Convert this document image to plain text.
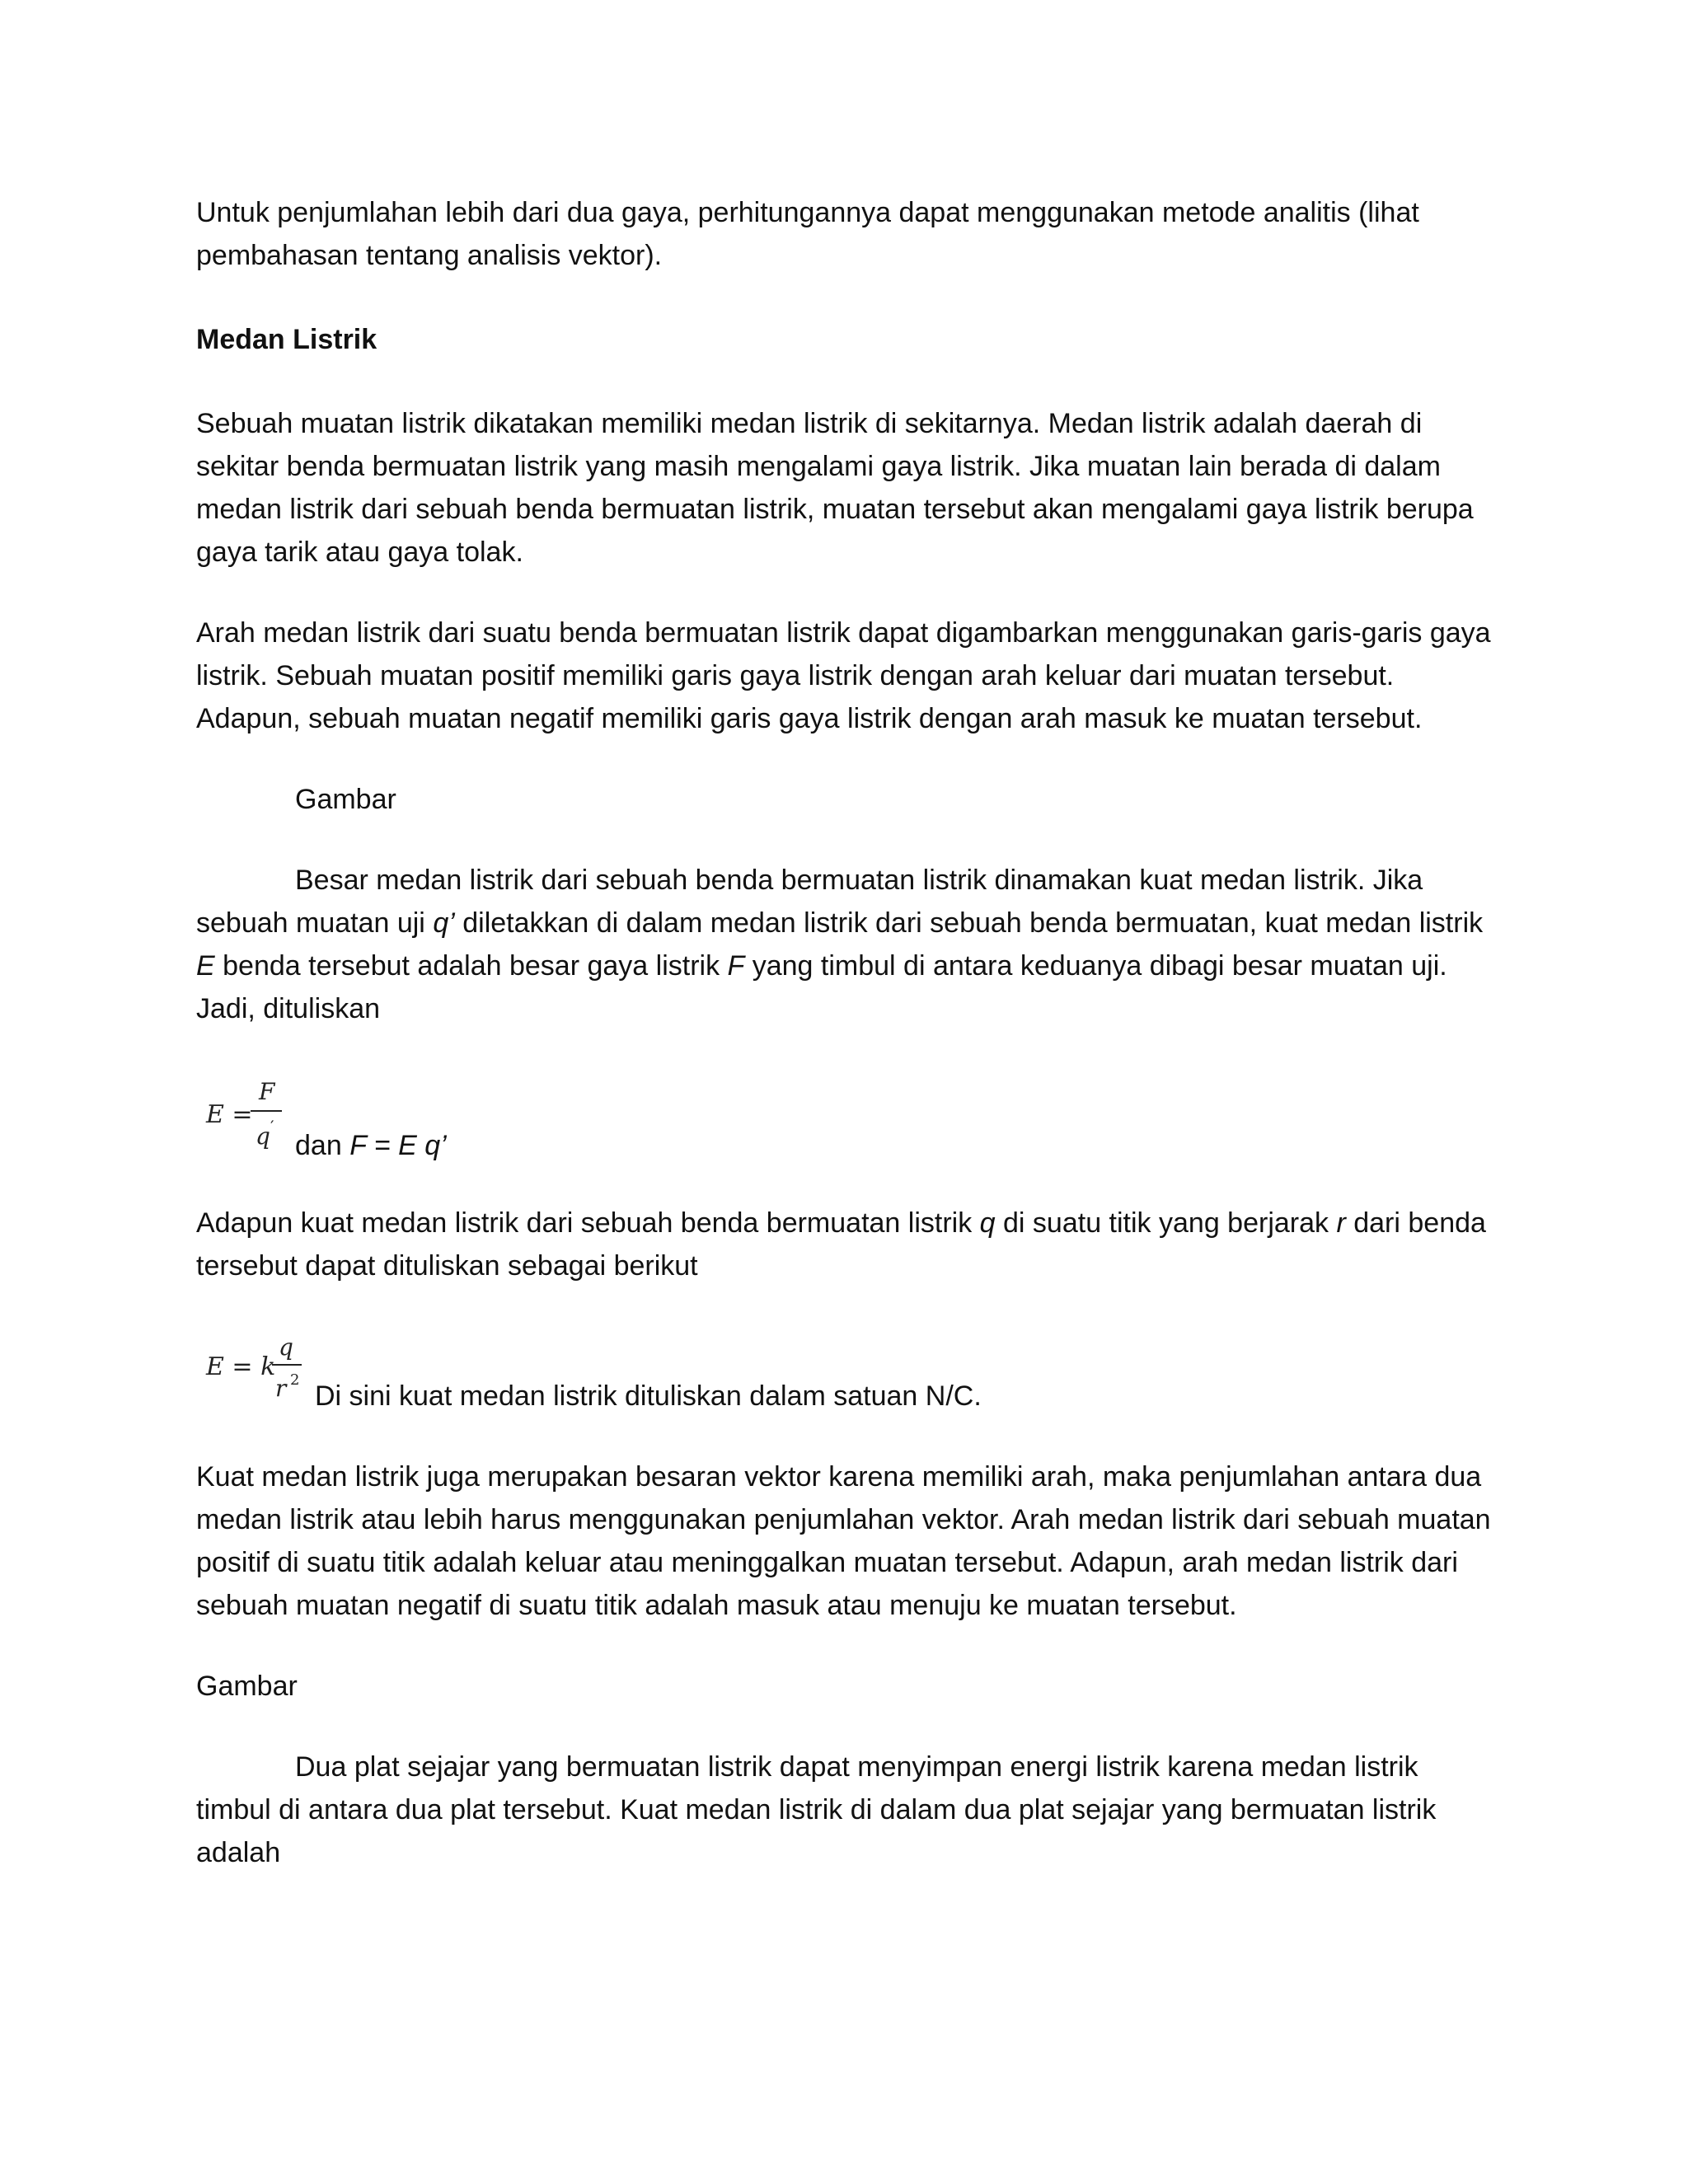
Untuk penjumlahan lebih dari dua gaya, perhitungannya dapat menggunakan metode analitis (lihat pembahasan tentang analisis vektor).

Medan Listrik

Sebuah muatan listrik dikatakan memiliki medan listrik di sekitarnya. Medan listrik adalah daerah di sekitar benda bermuatan listrik yang masih mengalami gaya listrik. Jika muatan lain berada di dalam medan listrik dari sebuah benda bermuatan listrik, muatan tersebut akan mengalami gaya listrik berupa gaya tarik atau gaya tolak.

Arah medan listrik dari suatu benda bermuatan listrik dapat digambarkan menggunakan garis-garis gaya listrik. Sebuah muatan positif memiliki garis gaya listrik dengan arah keluar dari muatan tersebut. Adapun, sebuah muatan negatif memiliki garis gaya listrik dengan arah masuk ke muatan tersebut.

Gambar

Besar medan listrik dari sebuah benda bermuatan listrik dinamakan kuat medan listrik. Jika sebuah muatan uji q’ diletakkan di dalam medan listrik dari sebuah benda bermuatan, kuat medan listrik E benda tersebut adalah besar gaya listrik F yang timbul di antara keduanya dibagi besar muatan uji. Jadi, dituliskan

E =
F
q ′

dan F = E q’

Adapun kuat medan listrik dari sebuah benda bermuatan listrik q di suatu titik yang berjarak r dari benda tersebut dapat dituliskan sebagai berikut

E = k
q
r 2

Di sini kuat medan listrik dituliskan dalam satuan N/C.

Kuat medan listrik juga merupakan besaran vektor karena memiliki arah, maka penjumlahan antara dua medan listrik atau lebih harus menggunakan penjumlahan vektor. Arah medan listrik dari sebuah muatan positif di suatu titik adalah keluar atau meninggalkan muatan tersebut. Adapun, arah medan listrik dari sebuah muatan negatif di suatu titik adalah masuk atau menuju ke muatan tersebut.

Gambar

Dua plat sejajar yang bermuatan listrik dapat menyimpan energi listrik karena medan listrik timbul di antara dua plat tersebut. Kuat medan listrik di dalam dua plat sejajar yang bermuatan listrik adalah
